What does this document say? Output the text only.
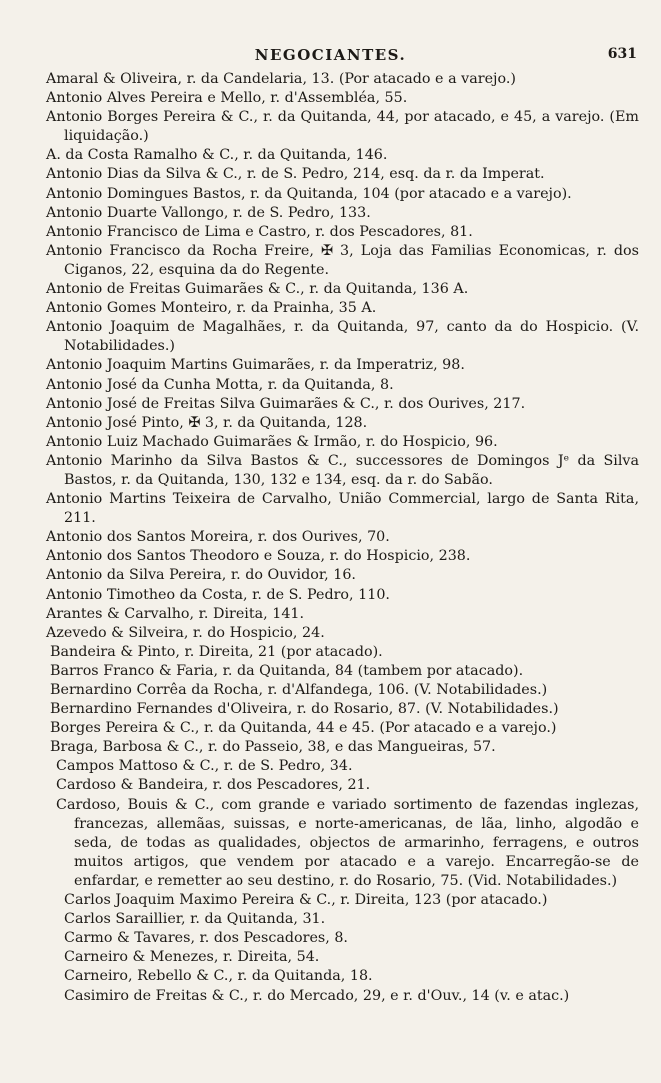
NEGOCIANTES.	631
Amaral & Oliveira, r. da Candelaria, 13. (Por atacado e a varejo.)
Antonio Alves Pereira e Mello, r. d'Assembléa, 55.
Antonio Borges Pereira & C., r. da Quitanda, 44, por atacado, e 45, a varejo. (Em liquidação.)
A. da Costa Ramalho & C., r. da Quitanda, 146.
Antonio Dias da Silva & C., r. de S. Pedro, 214, esq. da r. da Imperat.
Antonio Domingues Bastos, r. da Quitanda, 104 (por atacado e a varejo).
Antonio Duarte Vallongo, r. de S. Pedro, 133.
Antonio Francisco de Lima e Castro, r. dos Pescadores, 81.
Antonio Francisco da Rocha Freire, ✠ 3, Loja das Familias Economicas, r. dos Ciganos, 22, esquina da do Regente.
Antonio de Freitas Guimarães & C., r. da Quitanda, 136 A.
Antonio Gomes Monteiro, r. da Prainha, 35 A.
Antonio Joaquim de Magalhães, r. da Quitanda, 97, canto da do Hospicio. (V. Notabilidades.)
Antonio Joaquim Martins Guimarães, r. da Imperatriz, 98.
Antonio José da Cunha Motta, r. da Quitanda, 8.
Antonio José de Freitas Silva Guimarães & C., r. dos Ourives, 217.
Antonio José Pinto, ✠ 3, r. da Quitanda, 128.
Antonio Luiz Machado Guimarães & Irmão, r. do Hospicio, 96.
Antonio Marinho da Silva Bastos & C., successores de Domingos Jᵉ da Silva Bastos, r. da Quitanda, 130, 132 e 134, esq. da r. do Sabão.
Antonio Martins Teixeira de Carvalho, União Commercial, largo de Santa Rita, 211.
Antonio dos Santos Moreira, r. dos Ourives, 70.
Antonio dos Santos Theodoro e Souza, r. do Hospicio, 238.
Antonio da Silva Pereira, r. do Ouvidor, 16.
Antonio Timotheo da Costa, r. de S. Pedro, 110.
Arantes & Carvalho, r. Direita, 141.
Azevedo & Silveira, r. do Hospicio, 24.
Bandeira & Pinto, r. Direita, 21 (por atacado).
Barros Franco & Faria, r. da Quitanda, 84 (tambem por atacado).
Bernardino Corrêa da Rocha, r. d'Alfandega, 106. (V. Notabilidades.)
Bernardino Fernandes d'Oliveira, r. do Rosario, 87. (V. Notabilidades.)
Borges Pereira & C., r. da Quitanda, 44 e 45. (Por atacado e a varejo.)
Braga, Barbosa & C., r. do Passeio, 38, e das Mangueiras, 57.
Campos Mattoso & C., r. de S. Pedro, 34.
Cardoso & Bandeira, r. dos Pescadores, 21.
Cardoso, Bouis & C., com grande e variado sortimento de fazendas inglezas, francezas, allemãas, suissas, e norte-americanas, de lãa, linho, algodão e seda, de todas as qualidades, objectos de armarinho, ferragens, e outros muitos artigos, que vendem por atacado e a varejo. Encarregão-se de enfardar, e remetter ao seu destino, r. do Rosario, 75. (Vid. Notabilidades.)
Carlos Joaquim Maximo Pereira & C., r. Direita, 123 (por atacado.)
Carlos Saraillier, r. da Quitanda, 31.
Carmo & Tavares, r. dos Pescadores, 8.
Carneiro & Menezes, r. Direita, 54.
Carneiro, Rebello & C., r. da Quitanda, 18.
Casimiro de Freitas & C., r. do Mercado, 29, e r. d'Ouv., 14 (v. e atac.)
